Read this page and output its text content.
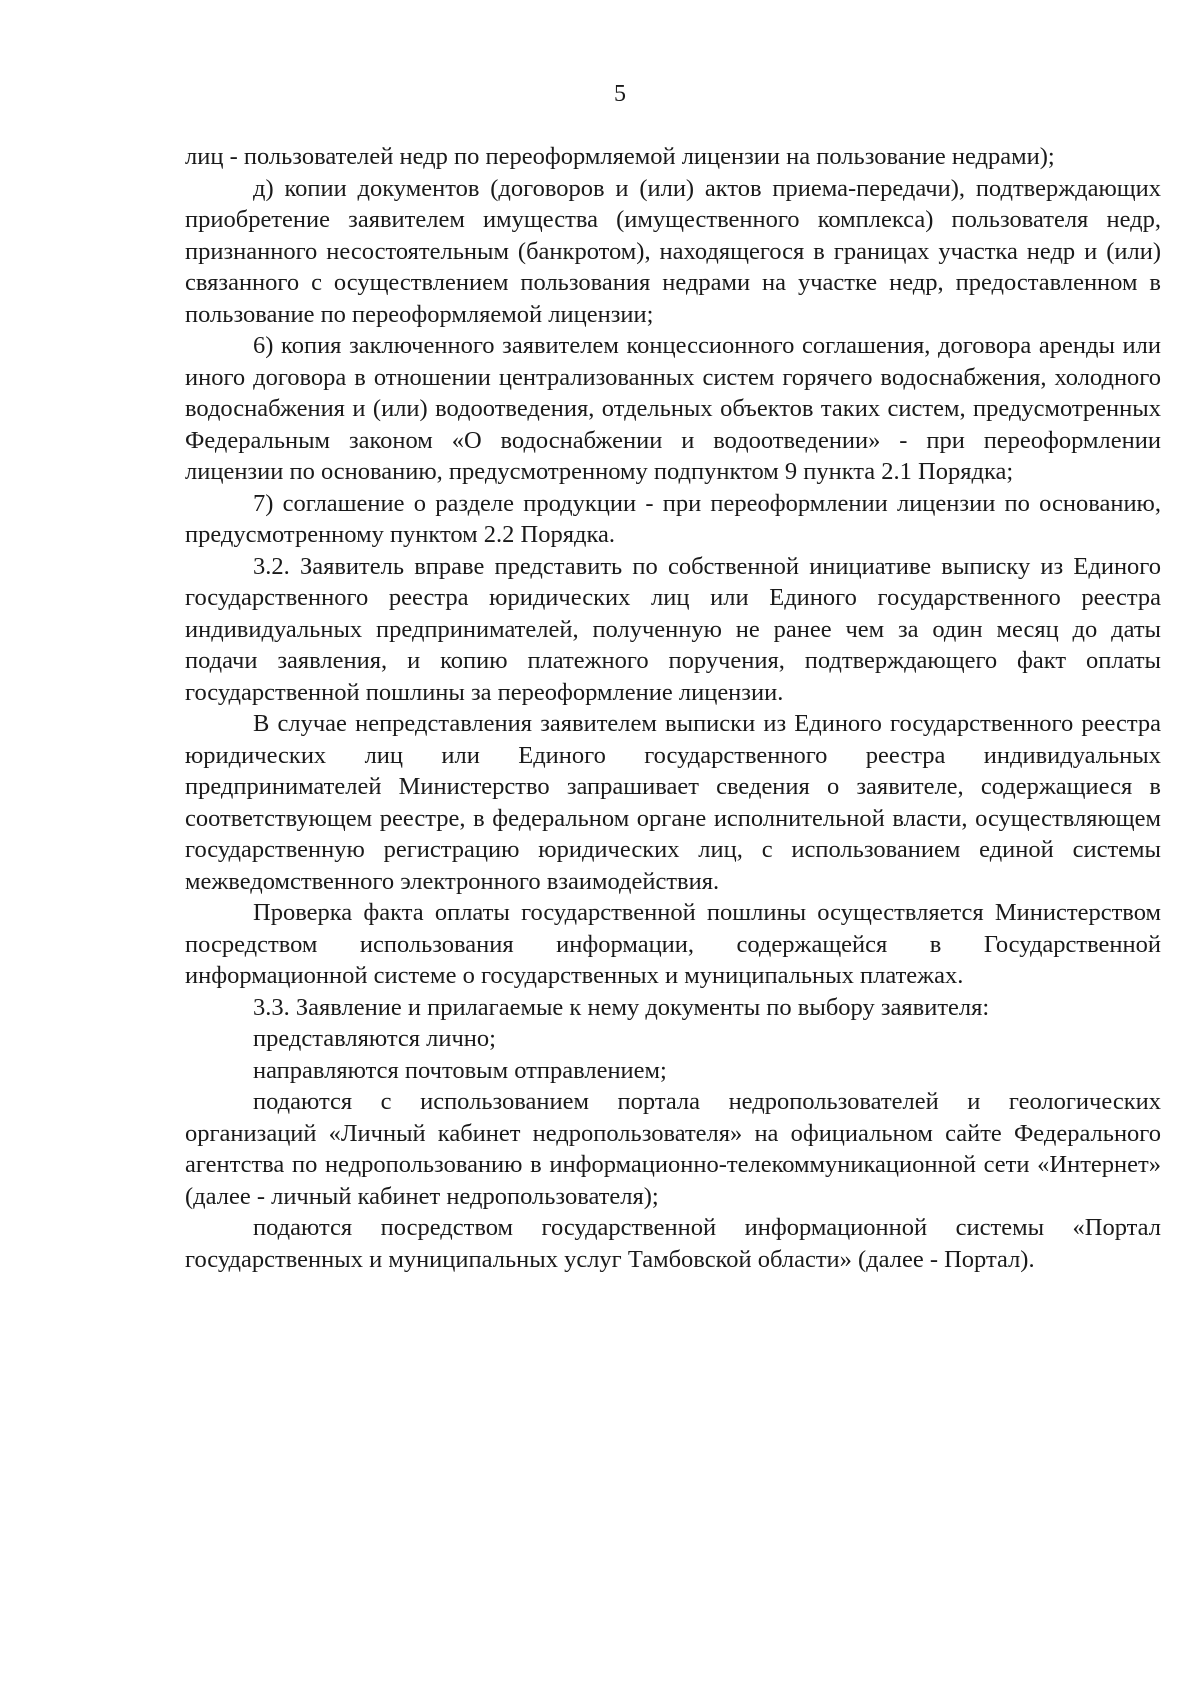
5

лиц - пользователей недр по переоформляемой лицензии на пользование недрами);

д) копии документов (договоров и (или) актов приема-передачи), подтверждающих приобретение заявителем имущества (имущественного комплекса) пользователя недр, признанного несостоятельным (банкротом), находящегося в границах участка недр и (или) связанного с осуществлением пользования недрами на участке недр, предоставленном в пользование по переоформляемой лицензии;

6) копия заключенного заявителем концессионного соглашения, договора аренды или иного договора в отношении централизованных систем горячего водоснабжения, холодного водоснабжения и (или) водоотведения, отдельных объектов таких систем, предусмотренных Федеральным законом «О водоснабжении и водоотведении» - при переоформлении лицензии по основанию, предусмотренному подпунктом 9 пункта 2.1 Порядка;

7) соглашение о разделе продукции - при переоформлении лицензии по основанию, предусмотренному пунктом 2.2 Порядка.

3.2. Заявитель вправе представить по собственной инициативе выписку из Единого государственного реестра юридических лиц или Единого государственного реестра индивидуальных предпринимателей, полученную не ранее чем за один месяц до даты подачи заявления, и копию платежного поручения, подтверждающего факт оплаты государственной пошлины за переоформление лицензии.

В случае непредставления заявителем выписки из Единого государственного реестра юридических лиц или Единого государственного реестра индивидуальных предпринимателей Министерство запрашивает сведения о заявителе, содержащиеся в соответствующем реестре, в федеральном органе исполнительной власти, осуществляющем государственную регистрацию юридических лиц, с использованием единой системы межведомственного электронного взаимодействия.

Проверка факта оплаты государственной пошлины осуществляется Министерством посредством использования информации, содержащейся в Государственной информационной системе о государственных и муниципальных платежах.

3.3. Заявление и прилагаемые к нему документы по выбору заявителя:

представляются лично;

направляются почтовым отправлением;

подаются с использованием портала недропользователей и геологических организаций «Личный кабинет недропользователя» на официальном сайте Федерального агентства по недропользованию в информационно-телекоммуникационной сети «Интернет» (далее - личный кабинет недропользователя);

подаются посредством государственной информационной системы «Портал государственных и муниципальных услуг Тамбовской области» (далее - Портал).
